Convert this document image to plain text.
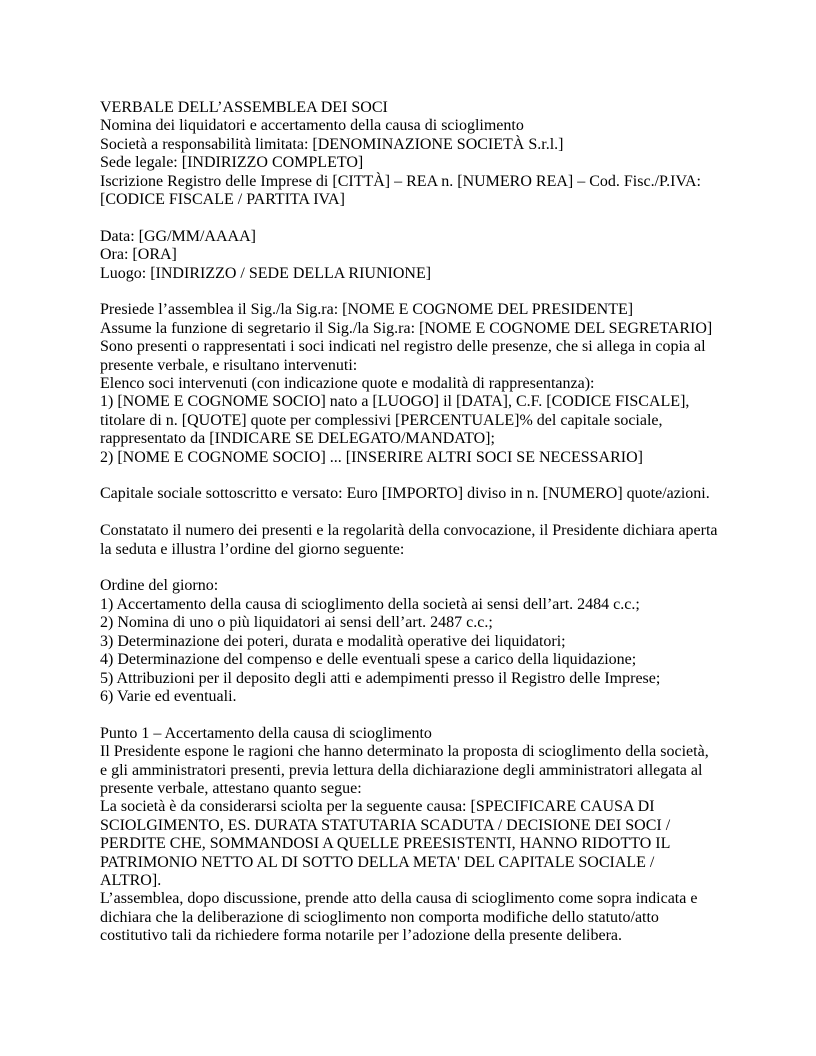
VERBALE DELL’ASSEMBLEA DEI SOCI
Nomina dei liquidatori e accertamento della causa di scioglimento
Società a responsabilità limitata: [DENOMINAZIONE SOCIETÀ S.r.l.]
Sede legale: [INDIRIZZO COMPLETO]
Iscrizione Registro delle Imprese di [CITTÀ] – REA n. [NUMERO REA] – Cod. Fisc./P.IVA:
[CODICE FISCALE / PARTITA IVA]
Data: [GG/MM/AAAA]
Ora: [ORA]
Luogo: [INDIRIZZO / SEDE DELLA RIUNIONE]
Presiede l’assemblea il Sig./la Sig.ra: [NOME E COGNOME DEL PRESIDENTE]
Assume la funzione di segretario il Sig./la Sig.ra: [NOME E COGNOME DEL SEGRETARIO]
Sono presenti o rappresentati i soci indicati nel registro delle presenze, che si allega in copia al
presente verbale, e risultano intervenuti:
Elenco soci intervenuti (con indicazione quote e modalità di rappresentanza):
1) [NOME E COGNOME SOCIO] nato a [LUOGO] il [DATA], C.F. [CODICE FISCALE],
titolare di n. [QUOTE] quote per complessivi [PERCENTUALE]% del capitale sociale,
rappresentato da [INDICARE SE DELEGATO/MANDATO];
2) [NOME E COGNOME SOCIO] ... [INSERIRE ALTRI SOCI SE NECESSARIO]
Capitale sociale sottoscritto e versato: Euro [IMPORTO] diviso in n. [NUMERO] quote/azioni.
Constatato il numero dei presenti e la regolarità della convocazione, il Presidente dichiara aperta
la seduta e illustra l’ordine del giorno seguente:
Ordine del giorno:
1) Accertamento della causa di scioglimento della società ai sensi dell’art. 2484 c.c.;
2) Nomina di uno o più liquidatori ai sensi dell’art. 2487 c.c.;
3) Determinazione dei poteri, durata e modalità operative dei liquidatori;
4) Determinazione del compenso e delle eventuali spese a carico della liquidazione;
5) Attribuzioni per il deposito degli atti e adempimenti presso il Registro delle Imprese;
6) Varie ed eventuali.
Punto 1 – Accertamento della causa di scioglimento
Il Presidente espone le ragioni che hanno determinato la proposta di scioglimento della società,
e gli amministratori presenti, previa lettura della dichiarazione degli amministratori allegata al
presente verbale, attestano quanto segue:
La società è da considerarsi sciolta per la seguente causa: [SPECIFICARE CAUSA DI
SCIOLGIMENTO, ES. DURATA STATUTARIA SCADUTA / DECISIONE DEI SOCI /
PERDITE CHE, SOMMANDOSI A QUELLE PREESISTENTI, HANNO RIDOTTO IL
PATRIMONIO NETTO AL DI SOTTO DELLA META' DEL CAPITALE SOCIALE /
ALTRO].
L’assemblea, dopo discussione, prende atto della causa di scioglimento come sopra indicata e
dichiara che la deliberazione di scioglimento non comporta modifiche dello statuto/atto
costitutivo tali da richiedere forma notarile per l’adozione della presente delibera.
